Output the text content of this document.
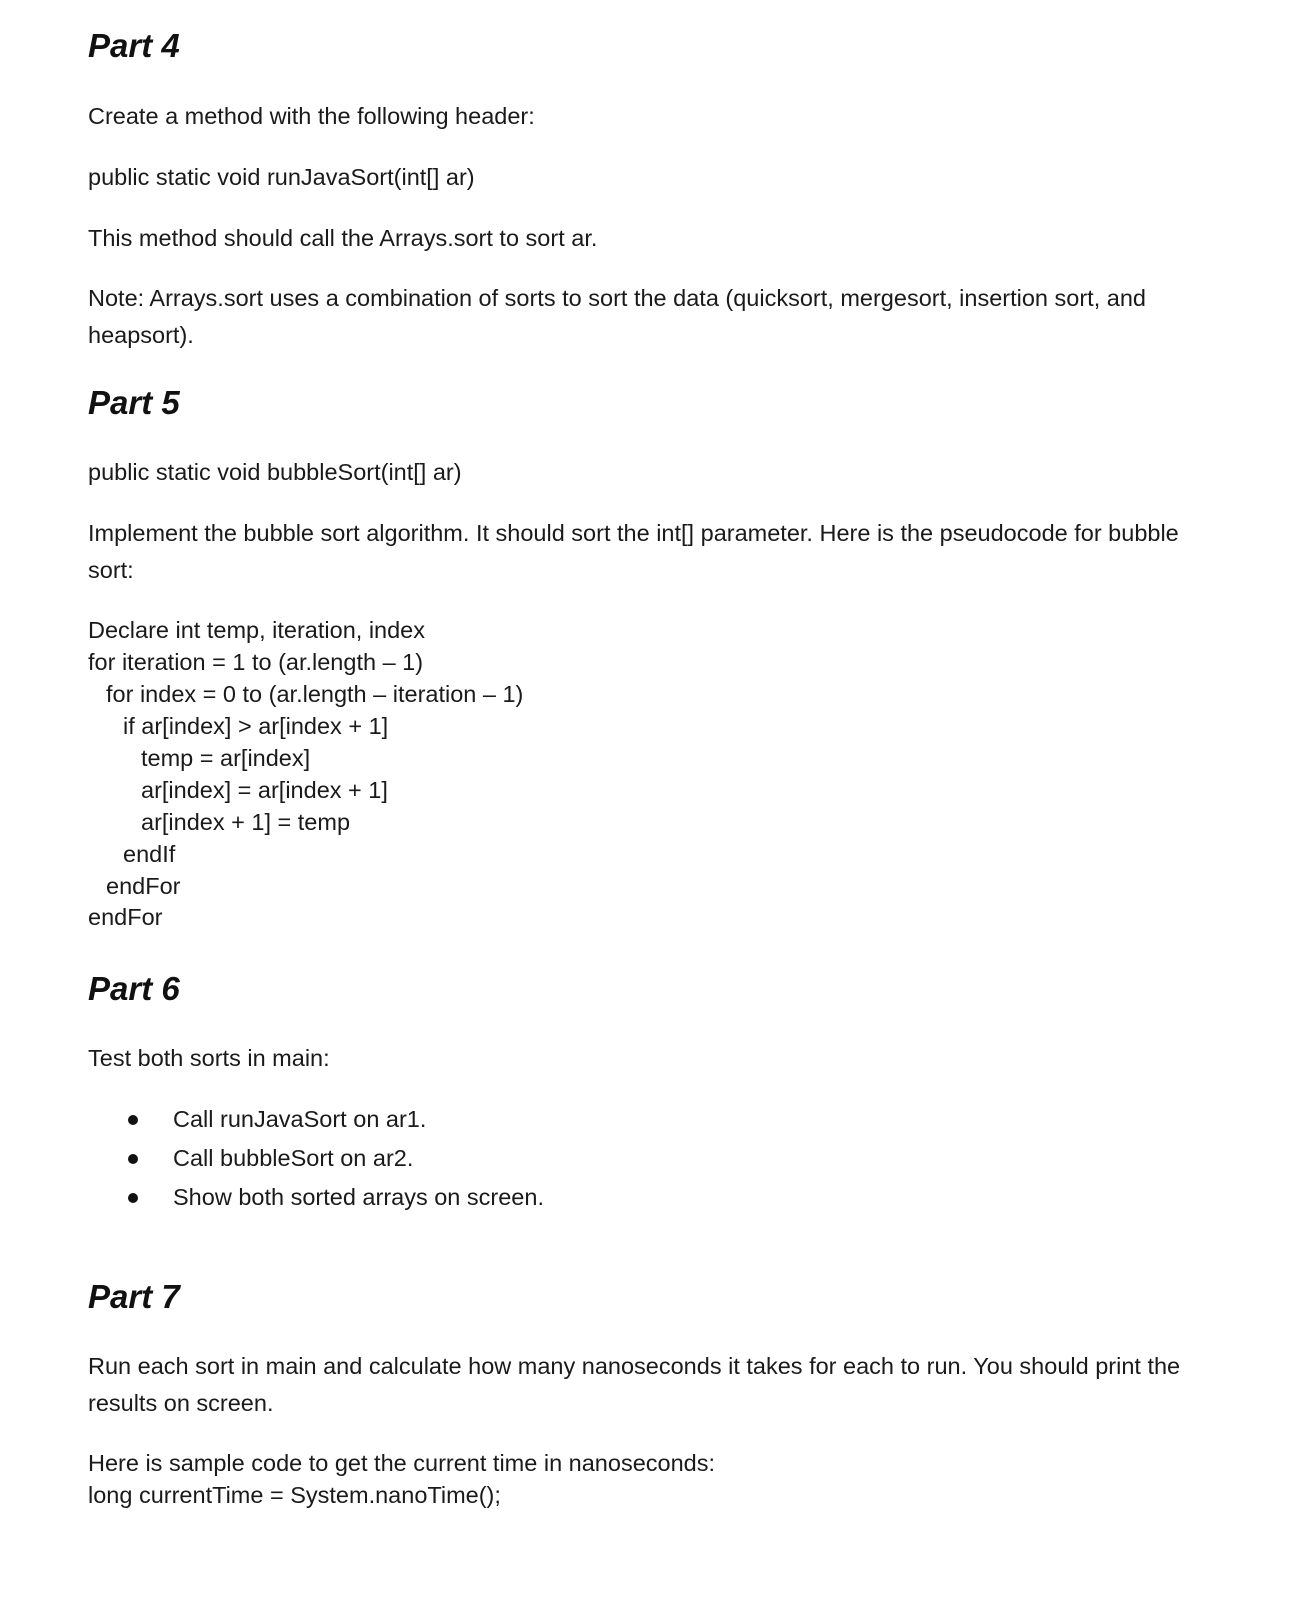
Part 4

Create a method with the following header:

public static void runJavaSort(int[] ar)

This method should call the Arrays.sort to sort ar.

Note: Arrays.sort uses a combination of sorts to sort the data (quicksort, mergesort, insertion sort, and heapsort).

Part 5

public static void bubbleSort(int[] ar)

Implement the bubble sort algorithm. It should sort the int[] parameter. Here is the pseudocode for bubble sort:

Declare int temp, iteration, index
for iteration = 1 to (ar.length – 1)
for index = 0 to (ar.length – iteration – 1)
if ar[index] > ar[index + 1]
temp = ar[index]
ar[index] = ar[index + 1]
ar[index + 1] = temp
endIf
endFor
endFor
Part 6

Test both sorts in main:

Call runJavaSort on ar1.

Call bubbleSort on ar2.

Show both sorted arrays on screen.

Part 7

Run each sort in main and calculate how many nanoseconds it takes for each to run. You should print the results on screen.

Here is sample code to get the current time in nanoseconds:
long currentTime = System.nanoTime();
